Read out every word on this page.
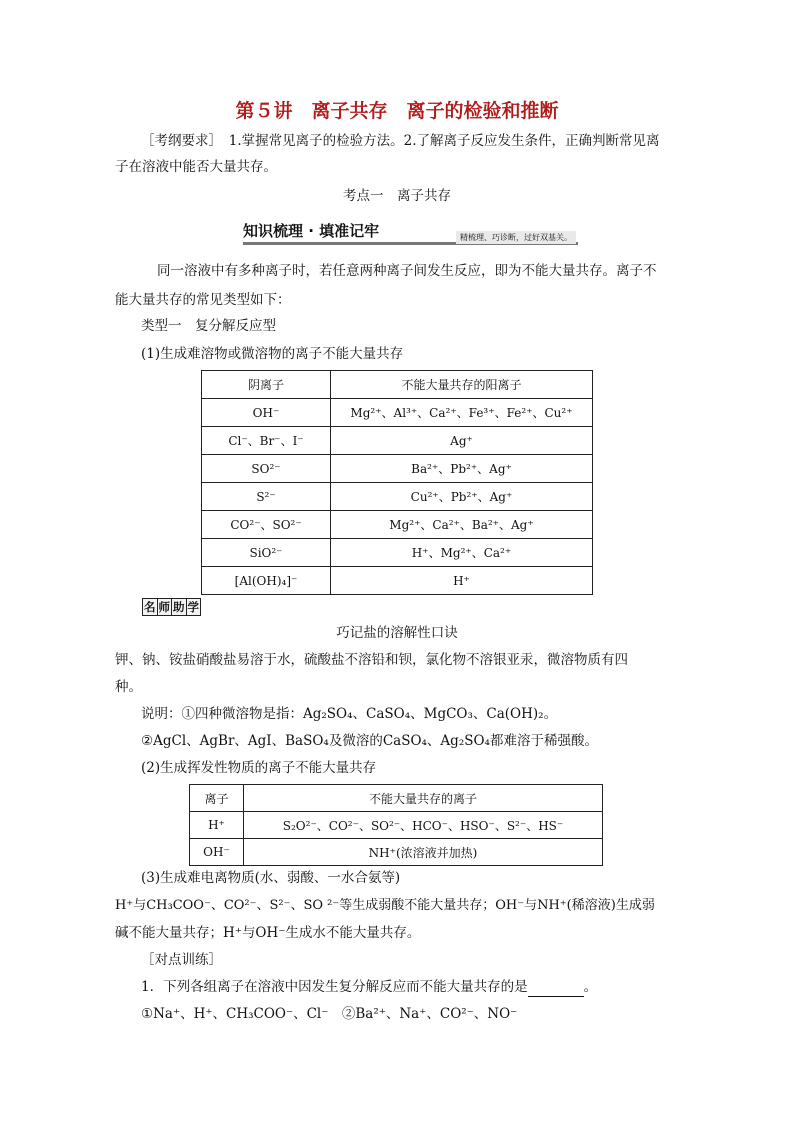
第５讲　离子共存　离子的检验和推断
［考纲要求］　1.掌握常见离子的检验方法。2.了解离子反应发生条件，正确判断常见离
子在溶液中能否大量共存。
考点一　离子共存
知识梳理 · 填准记牢	精梳理、巧诊断，过好双基关。
同一溶液中有多种离子时，若任意两种离子间发生反应，即为不能大量共存。离子不
能大量共存的常见类型如下：
类型一　复分解反应型
(1)生成难溶物或微溶物的离子不能大量共存
阴离子	不能大量共存的阳离子
OH⁻	Mg²⁺、Al³⁺、Ca²⁺、Fe³⁺、Fe²⁺、Cu²⁺
Cl⁻、Br⁻、I⁻	Ag⁺
SO²⁻	Ba²⁺、Pb²⁺、Ag⁺
S²⁻	Cu²⁺、Pb²⁺、Ag⁺
CO²⁻、SO²⁻	Mg²⁺、Ca²⁺、Ba²⁺、Ag⁺
SiO²⁻	H⁺、Mg²⁺、Ca²⁺
[Al(OH)₄]⁻	H⁺
名 师 助 学
巧记盐的溶解性口诀
钾、钠、铵盐硝酸盐易溶于水，硫酸盐不溶铅和钡，氯化物不溶银亚汞，微溶物质有四
种。
说明：①四种微溶物是指：Ag₂SO₄、CaSO₄、MgCO₃、Ca(OH)₂。
②AgCl、AgBr、AgI、BaSO₄及微溶的CaSO₄、Ag₂SO₄都难溶于稀强酸。
(2)生成挥发性物质的离子不能大量共存
离子	不能大量共存的离子
H⁺	S₂O²⁻、CO²⁻、SO²⁻、HCO⁻、HSO⁻、S²⁻、HS⁻
OH⁻	NH⁺(浓溶液并加热)
(3)生成难电离物质(水、弱酸、一水合氨等)
H⁺与CH₃COO⁻、CO²⁻、S²⁻、SO ²⁻等生成弱酸不能大量共存；OH⁻与NH⁺(稀溶液)生成弱
碱不能大量共存；H⁺与OH⁻生成水不能大量共存。
［对点训练］
1．下列各组离子在溶液中因发生复分解反应而不能大量共存的是	。
①Na⁺、H⁺、CH₃COO⁻、Cl⁻　②Ba²⁺、Na⁺、CO²⁻、NO⁻
